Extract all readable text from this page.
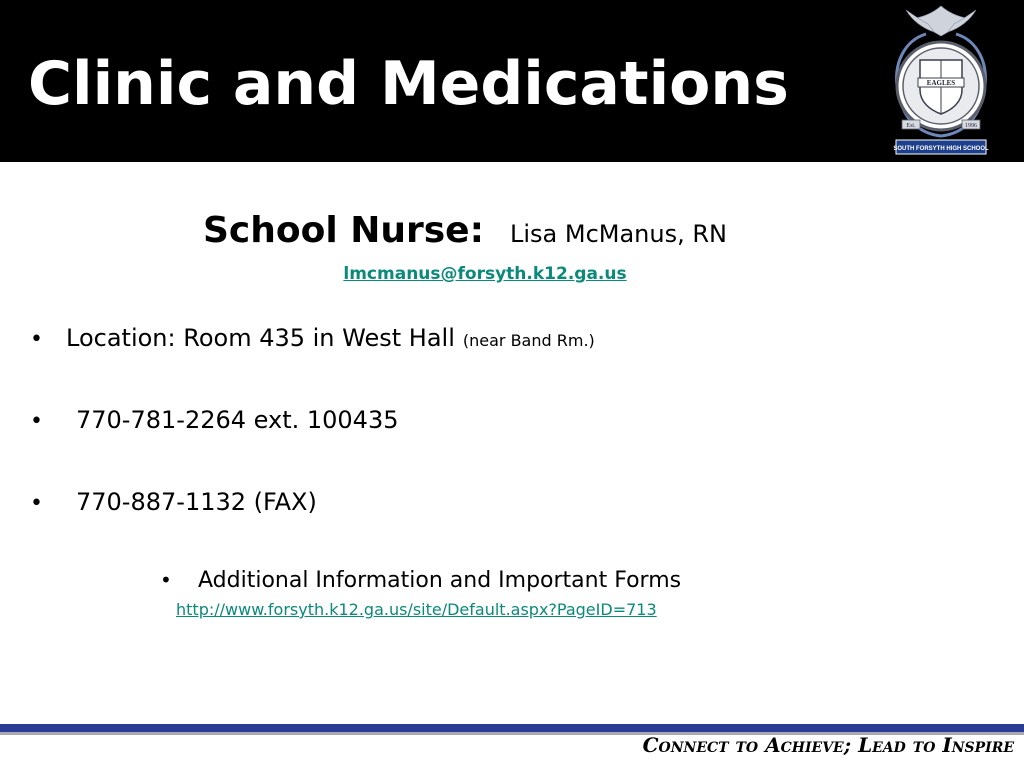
Clinic and Medications	EAGLES
Est.	1996
SOUTH FORSYTH HIGH SCHOOL
School Nurse: Lisa McManus, RN
lmcmanus@forsyth.k12.ga.us
• Location: Room 435 in West Hall (near Band Rm.)
•	770-781-2264 ext. 100435
•	770-887-1132 (FAX)
•	Additional Information and Important Forms
http://www.forsyth.k12.ga.us/site/Default.aspx?PageID=713
Connect to Achieve; Lead to Inspire
